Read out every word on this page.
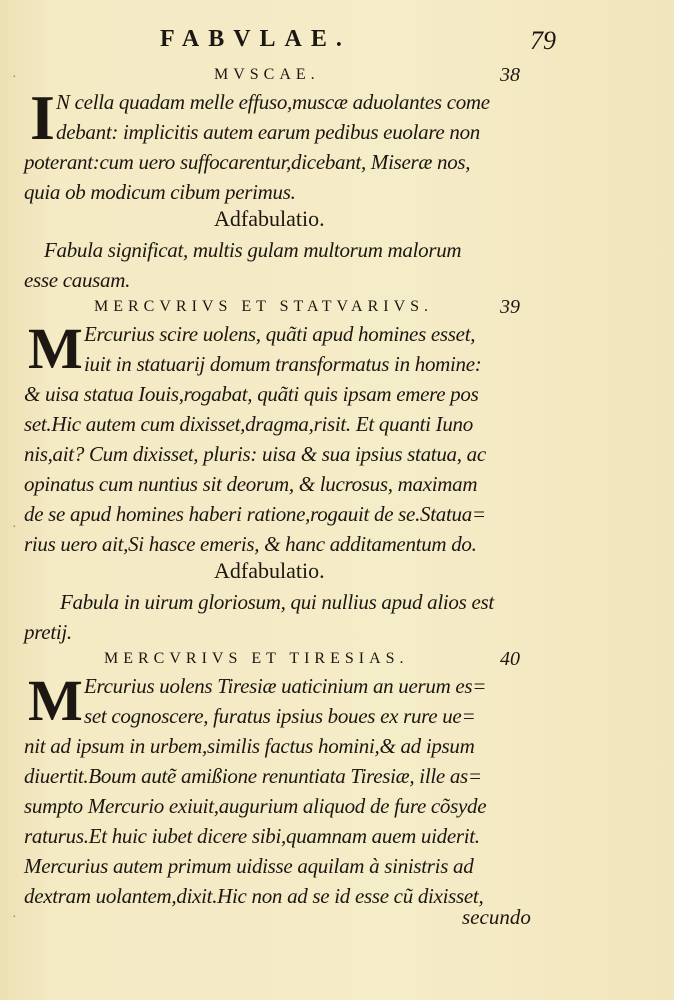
FABVLAE.	79
MVSCAE.	38
I N cella quadam melle effuso,muscæ aduolantes come
debant: implicitis autem earum pedibus euolare non
poterant:cum uero suffocarentur,dicebant, Miseræ nos,
quia ob modicum cibum perimus.
Adfabulatio.
Fabula significat, multis gulam multorum malorum
esse causam.
MERCVRIVS ET STATVARIVS.	39
M Ercurius scire uolens, quãti apud homines esset,
iuit in statuarij domum transformatus in homine:
& uisa statua Iouis,rogabat, quãti quis ipsam emere pos
set.Hic autem cum dixisset,dragma,risit. Et quanti Iuno
nis,ait? Cum dixisset, pluris: uisa & sua ipsius statua, ac
opinatus cum nuntius sit deorum, & lucrosus, maximam
de se apud homines haberi ratione,rogauit de se.Statua=
rius uero ait,Si hasce emeris, & hanc additamentum do.
Adfabulatio.
Fabula in uirum gloriosum, qui nullius apud alios est
pretij.
MERCVRIVS ET TIRESIAS.	40
M Ercurius uolens Tiresiæ uaticinium an uerum es=
set cognoscere, furatus ipsius boues ex rure ue=
nit ad ipsum in urbem,similis factus homini,& ad ipsum
diuertit.Boum autẽ amißione renuntiata Tiresiæ, ille as=
sumpto Mercurio exiuit,augurium aliquod de fure cõsyde
raturus.Et huic iubet dicere sibi,quamnam auem uiderit.
Mercurius autem primum uidisse aquilam à sinistris ad
dextram uolantem,dixit.Hic non ad se id esse cũ dixisset,
secundo
·
·
·
